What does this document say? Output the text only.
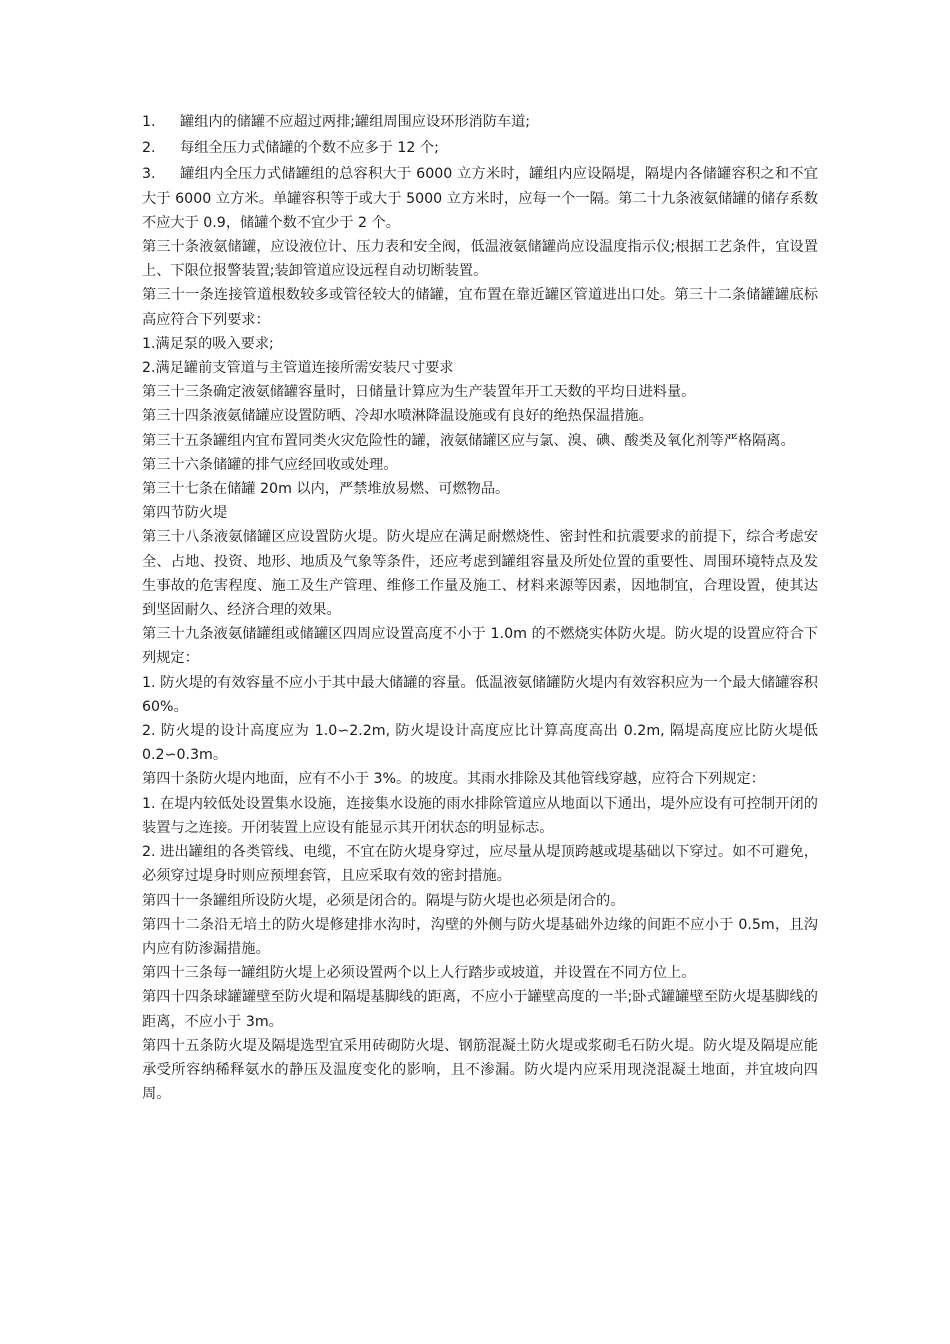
1.	罐组内的储罐不应超过两排;罐组周围应设环形消防车道;
2.	每组全压力式储罐的个数不应多于 12 个;
3. 罐组内全压力式储罐组的总容积大于 6000 立方米时，罐组内应设隔堤，隔堤内各储罐容积之和不宜大于 6000 立方米。单罐容积等于或大于 5000 立方米时，应每一个一隔。第二十九条液氨储罐的储存系数不应大于 0.9，储罐个数不宜少于 2 个。
第三十条液氨储罐，应设液位计、压力表和安全阀，低温液氨储罐尚应设温度指示仪;根据工艺条件，宜设置上、下限位报警装置;装卸管道应设远程自动切断装置。
第三十一条连接管道根数较多或管径较大的储罐，宜布置在靠近罐区管道进出口处。第三十二条储罐罐底标高应符合下列要求：
1.满足泵的吸入要求;
2.满足罐前支管道与主管道连接所需安装尺寸要求
第三十三条确定液氨储罐容量时，日储量计算应为生产装置年开工天数的平均日进料量。
第三十四条液氨储罐应设置防晒、冷却水喷淋降温设施或有良好的绝热保温措施。
第三十五条罐组内宜布置同类火灾危险性的罐，液氨储罐区应与氯、溴、碘、酸类及氧化剂等严格隔离。
第三十六条储罐的排气应经回收或处理。
第三十七条在储罐 20m 以内，严禁堆放易燃、可燃物品。
第四节防火堤
第三十八条液氨储罐区应设置防火堤。防火堤应在满足耐燃烧性、密封性和抗震要求的前提下，综合考虑安全、占地、投资、地形、地质及气象等条件，还应考虑到罐组容量及所处位置的重要性、周围环境特点及发生事故的危害程度、施工及生产管理、维修工作量及施工、材料来源等因素，因地制宜，合理设置，使其达到坚固耐久、经济合理的效果。
第三十九条液氨储罐组或储罐区四周应设置高度不小于 1.0m 的不燃烧实体防火堤。防火堤的设置应符合下列规定：
1. 防火堤的有效容量不应小于其中最大储罐的容量。低温液氨储罐防火堤内有效容积应为一个最大储罐容积 60%。
2. 防火堤的设计高度应为 1.0∽2.2m, 防火堤设计高度应比计算高度高出 0.2m, 隔堤高度应比防火堤低 0.2∽0.3m。
第四十条防火堤内地面，应有不小于 3%。的坡度。其雨水排除及其他管线穿越，应符合下列规定：
1. 在堤内较低处设置集水设施，连接集水设施的雨水排除管道应从地面以下通出，堤外应设有可控制开闭的装置与之连接。开闭装置上应设有能显示其开闭状态的明显标志。
2. 进出罐组的各类管线、电缆，不宜在防火堤身穿过，应尽量从堤顶跨越或堤基础以下穿过。如不可避免，必须穿过堤身时则应预埋套管，且应采取有效的密封措施。
第四十一条罐组所设防火堤，必须是闭合的。隔堤与防火堤也必须是闭合的。
第四十二条沿无培土的防火堤修建排水沟时，沟壁的外侧与防火堤基础外边缘的间距不应小于 0.5m，且沟内应有防渗漏措施。
第四十三条每一罐组防火堤上必须设置两个以上人行踏步或坡道，并设置在不同方位上。
第四十四条球罐罐壁至防火堤和隔堤基脚线的距离，不应小于罐壁高度的一半;卧式罐罐壁至防火堤基脚线的距离，不应小于 3m。
第四十五条防火堤及隔堤选型宜采用砖砌防火堤、钢筋混凝土防火堤或浆砌毛石防火堤。防火堤及隔堤应能承受所容纳稀释氨水的静压及温度变化的影响，且不渗漏。防火堤内应采用现浇混凝土地面，并宜坡向四周。
